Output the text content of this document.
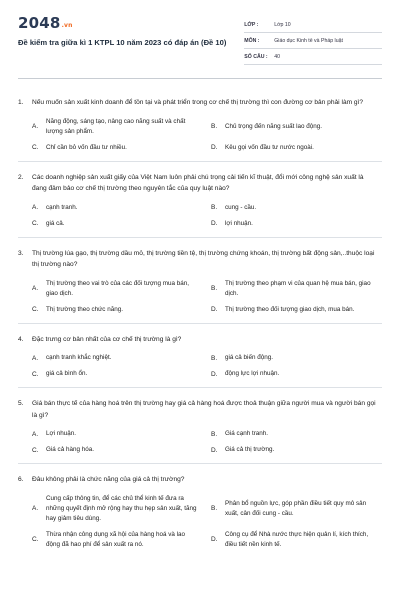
2048.vn
Đề kiểm tra giữa kì 1 KTPL 10 năm 2023 có đáp án (Đề 10)
LỚP :	Lớp 10
MÔN :	Giáo dục Kinh tế và Pháp luật
SỐ CÂU :	40
1.	Nếu muốn sản xuất kinh doanh để tồn tại và phát triển trong cơ chế thị trường thì con đường cơ bản phải làm gì?
A.
Năng động, sáng tạo, nâng cao năng suất và chất lượng sản phẩm.
B.	Chủ trọng đến năng suất lao động.
C.	Chỉ cần bỏ vốn đầu tư nhiều.	D.	Kêu gọi vốn đầu tư nước ngoài.
2.	Các doanh nghiệp sản xuất giấy của Việt Nam luôn phải chú trọng cải tiến kĩ thuật, đổi mới công nghệ sản xuất là đang đảm bảo cơ chế thị trường theo nguyên tắc của quy luật nào?
A.	cạnh tranh.	B.	cung - cầu.
C.	giá cả.	D.	lợi nhuận.
3.	Thị trường lúa gạo, thị trường dầu mỏ, thị trường tiền tệ, thị trường chứng khoán, thị trường bất động sản,..thuộc loại thị trường nào?
A.
Thị trường theo vai trò của các đối tượng mua bán, giao dịch.
B.
Thị trường theo phạm vi của quan hệ mua bán, giao dịch.
C.	Thị trường theo chức năng.	D.	Thị trường theo đối tượng giao dịch, mua bán.
4.	Đặc trưng cơ bản nhất của cơ chế thị trường là gì?
A.	cạnh tranh khắc nghiệt.	B.	giá cả biến động.
C.	giá cả bình ổn.	D.	động lực lợi nhuận.
5.	Giá bán thực tế của hàng hoá trên thị trường hay giá cả hàng hoá được thoả thuận giữa người mua và người bán gọi là gì?
A.	Lợi nhuận.	B.	Giá cạnh tranh.
C.	Giá cả hàng hóa.	D.	Giá cả thị trường.
6.	Đâu không phải là chức năng của giá cả thị trường?
A.
Cung cấp thông tin, để các chủ thể kinh tế đưa ra những quyết định mở rộng hay thu hẹp sản xuất, tăng hay giảm tiêu dùng.
B.
Phân bổ nguồn lực, góp phần điều tiết quy mô sản xuất, cân đối cung - cầu.
C.
Thừa nhận công dụng xã hội của hàng hoá và lao động đã hao phí để sản xuất ra nó.
D.
Công cụ để Nhà nước thực hiện quản lí, kích thích, điều tiết nền kinh tế.
